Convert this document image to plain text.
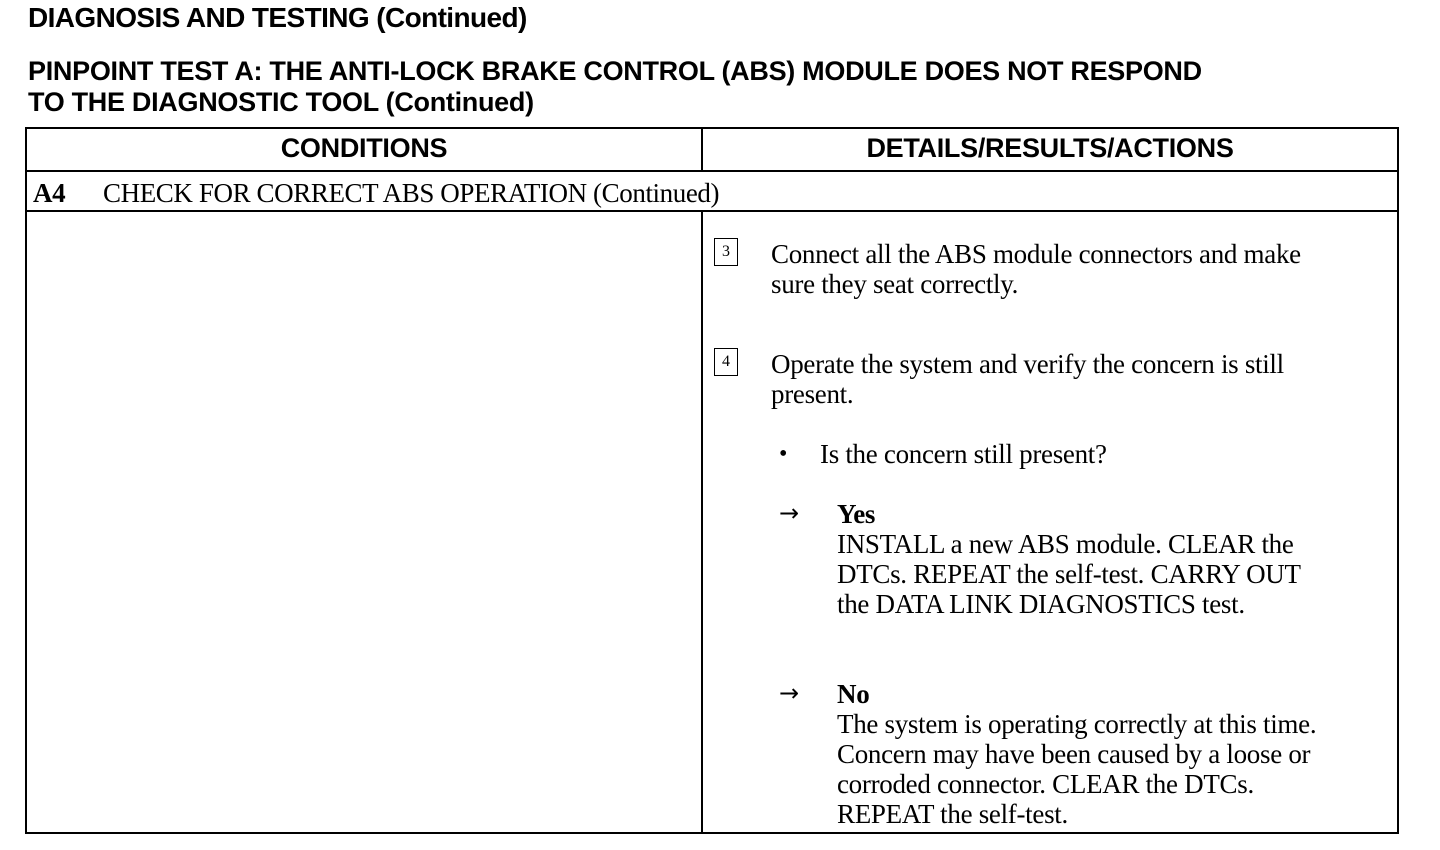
DIAGNOSIS AND TESTING (Continued)
PINPOINT TEST A: THE ANTI-LOCK BRAKE CONTROL (ABS) MODULE DOES NOT RESPOND
TO THE DIAGNOSTIC TOOL (Continued)
CONDITIONS	DETAILS/RESULTS/ACTIONS
A4 CHECK FOR CORRECT ABS OPERATION (Continued)
3 Connect all the ABS module connectors and make
sure they seat correctly.
4 Operate the system and verify the concern is still
present.
• Is the concern still present?
→ Yes
INSTALL a new ABS module. CLEAR the
DTCs. REPEAT the self-test. CARRY OUT
the DATA LINK DIAGNOSTICS test.
→ No
The system is operating correctly at this time.
Concern may have been caused by a loose or
corroded connector. CLEAR the DTCs.
REPEAT the self-test.
